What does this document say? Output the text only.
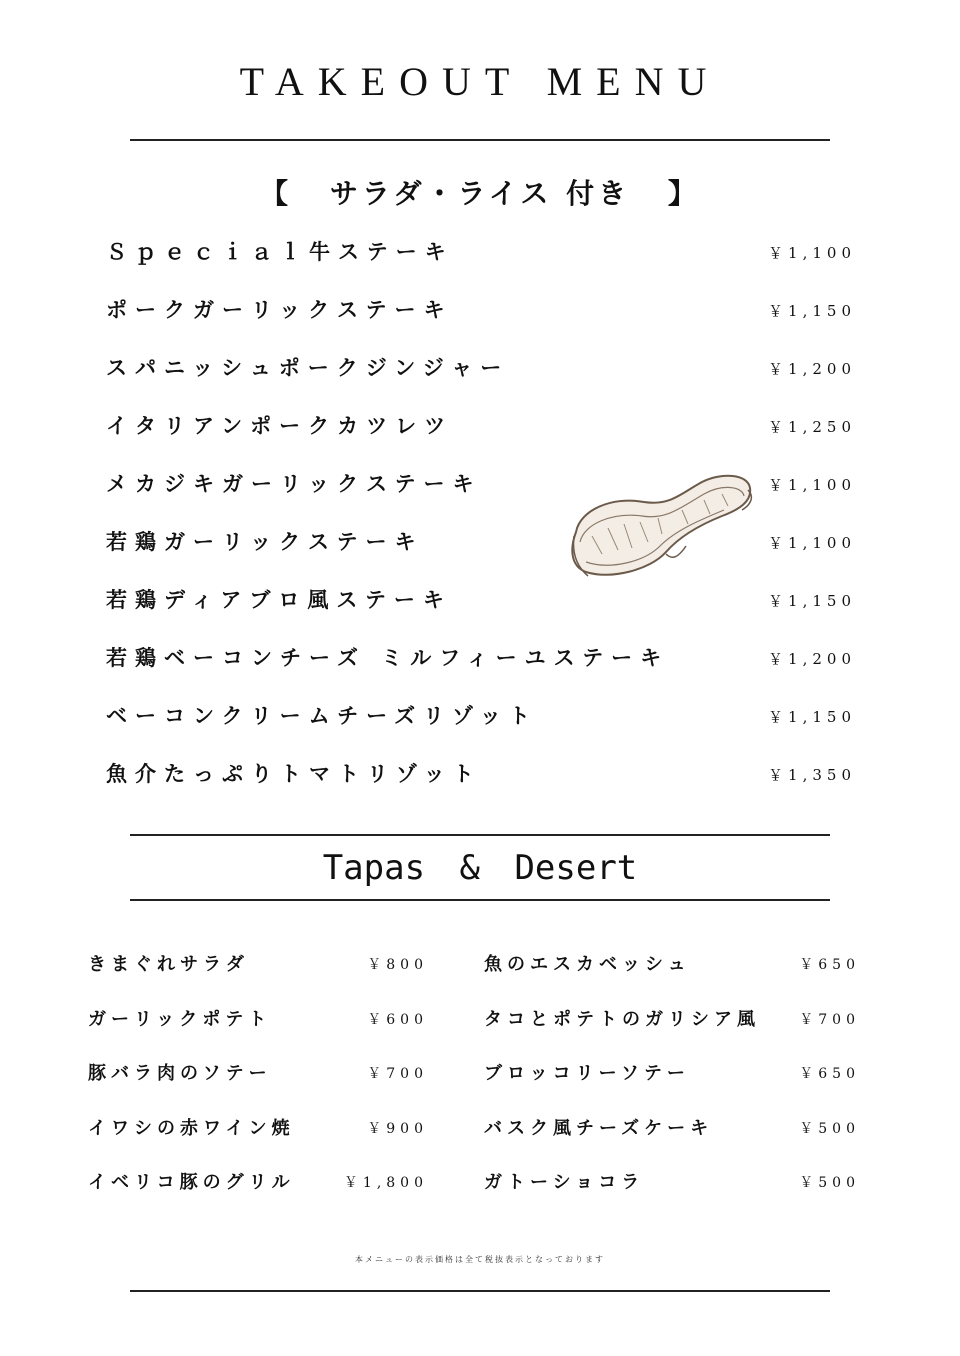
TAKEOUT MENU
【 サラダ・ライス 付き 】
Ｓｐｅｃｉａｌ牛ステーキ	￥1,100
ポークガーリックステーキ	￥1,150
スパニッシュポークジンジャー	￥1,200
イタリアンポークカツレツ	￥1,250
メカジキガーリックステーキ	￥1,100
若鶏ガーリックステーキ	￥1,100
若鶏ディアブロ風ステーキ	￥1,150
若鶏ベーコンチーズ ミルフィーユステーキ	￥1,200
ベーコンクリームチーズリゾット	￥1,150
魚介たっぷりトマトリゾット	￥1,350
Tapas & Desert
きまぐれサラダ	￥800
ガーリックポテト	￥600
豚バラ肉のソテー	￥700
イワシの赤ワイン焼	￥900
イベリコ豚のグリル	￥1,800
魚のエスカベッシュ	￥650
タコとポテトのガリシア風	￥700
ブロッコリーソテー	￥650
バスク風チーズケーキ	￥500
ガトーショコラ	￥500
本メニューの表示価格は全て税抜表示となっております
